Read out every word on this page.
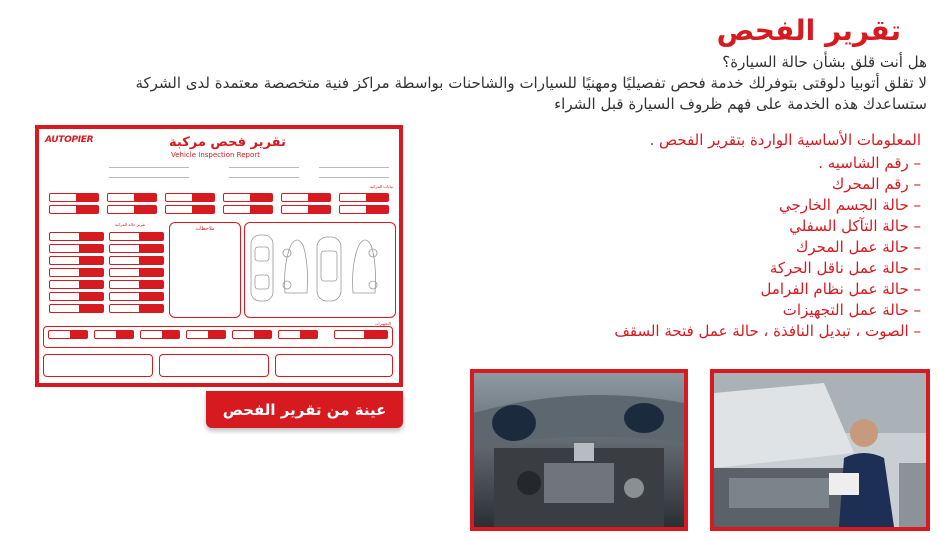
تقرير الفحص

هل أنت قلق بشأن حالة السيارة؟

لا تقلق أتوبيا دلوقتى بتوفرلك خدمة فحص تفصيليًا ومهنيًا للسيارات والشاحنات بواسطة مراكز فنية متخصصة معتمدة لدى الشركة

ستساعدك هذه الخدمة على فهم ظروف السيارة قبل الشراء

المعلومات الأساسية الواردة بتقرير الفحص .

– رقم الشاسيه .
– رقم المحرك
– حالة الجسم الخارجي
– حالة التآكل السفلي
– حالة عمل المحرك
– حالة عمل ناقل الحركة
– حالة عمل نظام الفرامل
– حالة عمل التجهيزات
– الصوت ، تبديل النافذة ، حالة عمل فتحة السقف
AUTOPIER	تقرير فحص مركبة
Vehicle Inspection Report
بيانات المركبة
تقرير حالة المركبة
ملاحظات
التجهيزات
عينة من تقرير الفحص
